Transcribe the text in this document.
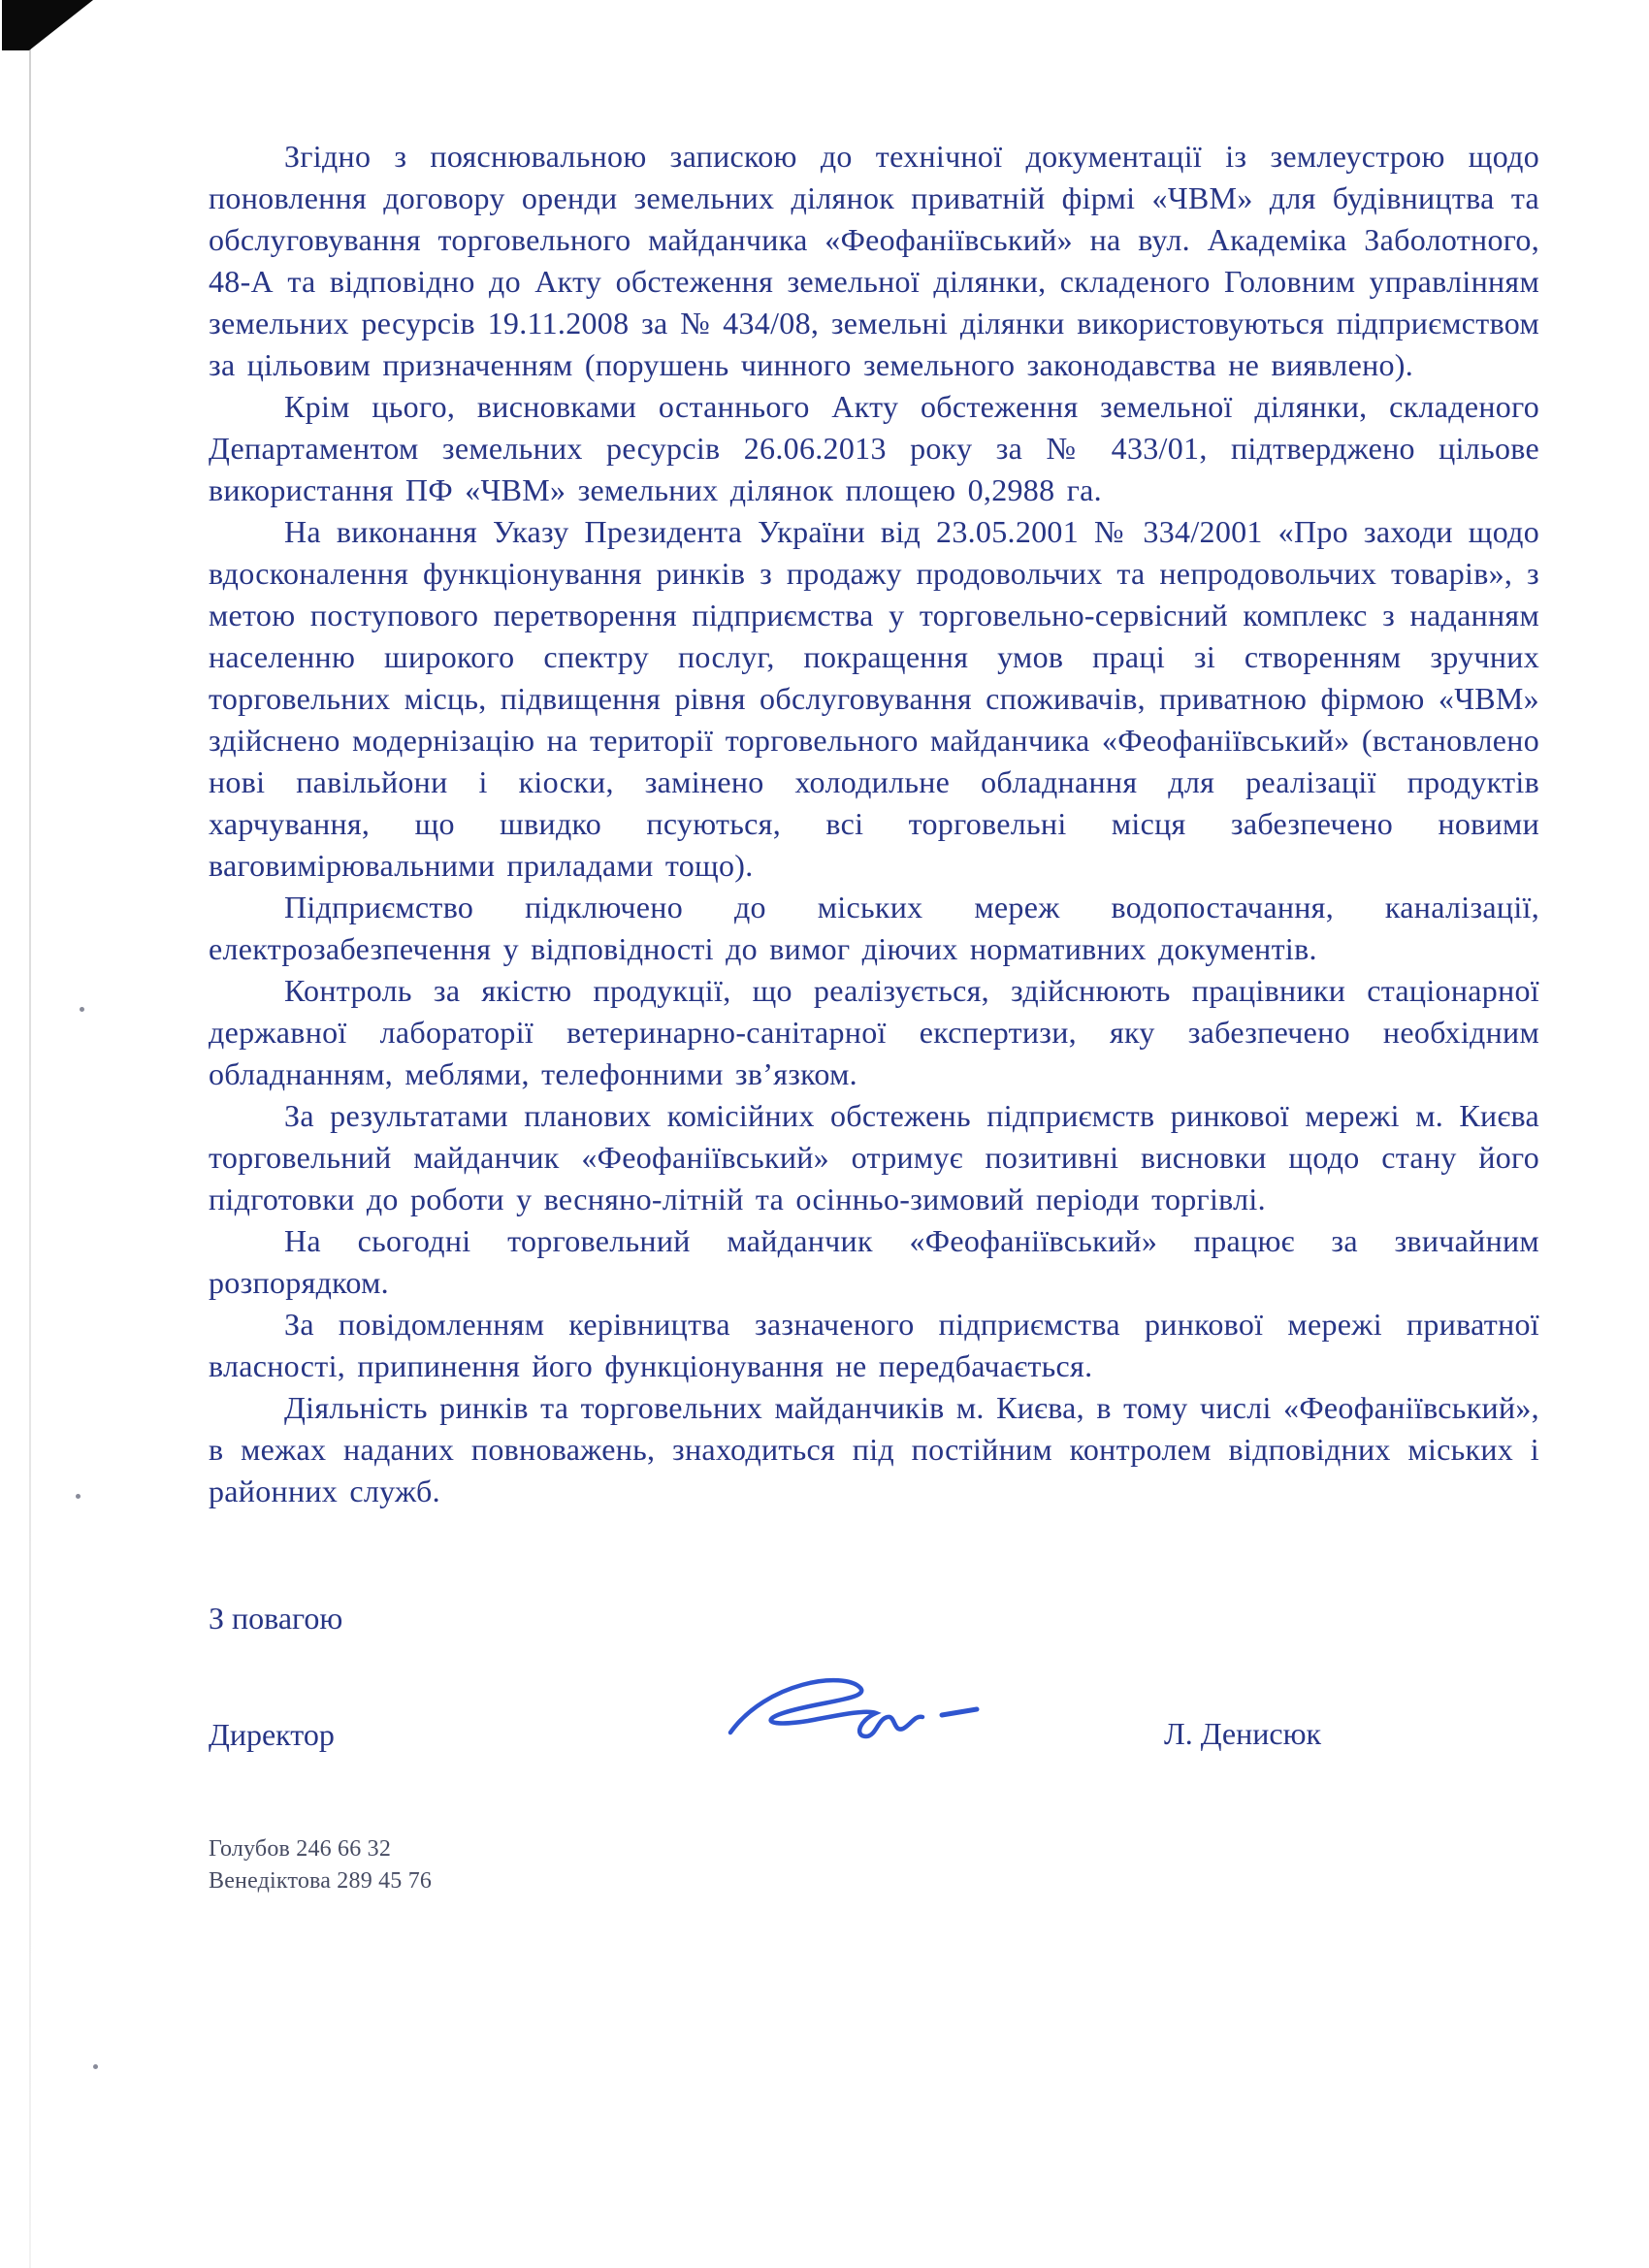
Згідно з пояснювальною запискою до технічної документації із землеустрою щодо поновлення договору оренди земельних ділянок приватній фірмі «ЧВМ» для будівництва та обслуговування торговельного майданчика «Феофаніївський» на вул. Академіка Заболотного, 48-А та відповідно до Акту обстеження земельної ділянки, складеного Головним управлінням земельних ресурсів 19.11.2008 за № 434/08, земельні ділянки використовуються підприємством за цільовим призначенням (порушень чинного земельного законодавства не виявлено).

Крім цього, висновками останнього Акту обстеження земельної ділянки, складеного Департаментом земельних ресурсів 26.06.2013 року за № 433/01, підтверджено цільове використання ПФ «ЧВМ» земельних ділянок площею 0,2988 га.

На виконання Указу Президента України від 23.05.2001 № 334/2001 «Про заходи щодо вдосконалення функціонування ринків з продажу продовольчих та непродовольчих товарів», з метою поступового перетворення підприємства у торговельно-сервісний комплекс з наданням населенню широкого спектру послуг, покращення умов праці зі створенням зручних торговельних місць, підвищення рівня обслуговування споживачів, приватною фірмою «ЧВМ» здійснено модернізацію на території торговельного майданчика «Феофаніївський» (встановлено нові павільйони і кіоски, замінено холодильне обладнання для реалізації продуктів харчування, що швидко псуються, всі торговельні місця забезпечено новими ваговимірювальними приладами тощо).

Підприємство підключено до міських мереж водопостачання, каналізації, електрозабезпечення у відповідності до вимог діючих нормативних документів.

Контроль за якістю продукції, що реалізується, здійснюють працівники стаціонарної державної лабораторії ветеринарно-санітарної експертизи, яку забезпечено необхідним обладнанням, меблями, телефонними зв’язком.

За результатами планових комісійних обстежень підприємств ринкової мережі м. Києва торговельний майданчик «Феофаніївський» отримує позитивні висновки щодо стану його підготовки до роботи у весняно-літній та осінньо-зимовий періоди торгівлі.

На сьогодні торговельний майданчик «Феофаніївський» працює за звичайним розпорядком.

За повідомленням керівництва зазначеного підприємства ринкової мережі приватної власності, припинення його функціонування не передбачається.

Діяльність ринків та торговельних майданчиків м. Києва, в тому числі «Феофаніївський», в межах наданих повноважень, знаходиться під постійним контролем відповідних міських і районних служб.

З повагою
Директор	Л. Денисюк
Голубов 246 66 32
Венедіктова 289 45 76
